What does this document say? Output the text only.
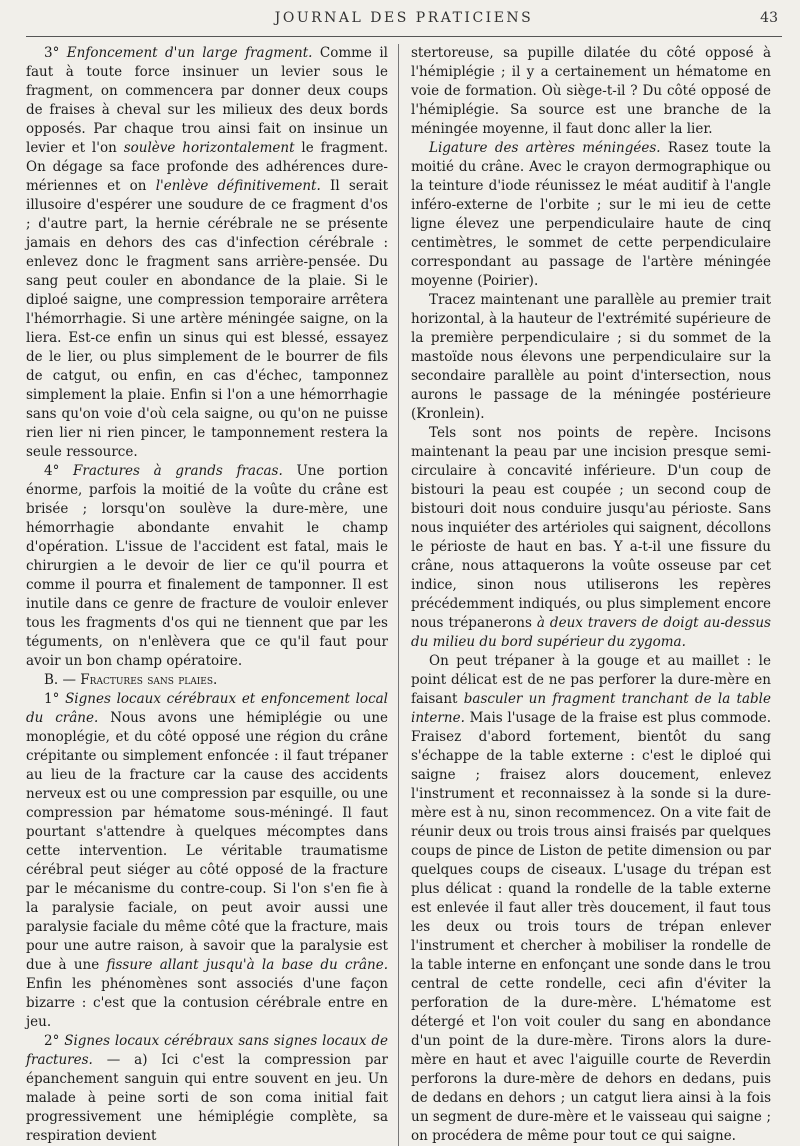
JOURNAL DES PRATICIENS	43

3° Enfoncement d'un large fragment. Comme il faut à toute force insinuer un levier sous le fragment, on commencera par donner deux coups de fraises à cheval sur les milieux des deux bords opposés. Par chaque trou ainsi fait on insinue un levier et l'on soulève horizontalement le fragment. On dégage sa face profonde des adhérences dure-mériennes et on l'enlève définitivement. Il serait illusoire d'espérer une soudure de ce fragment d'os ; d'autre part, la hernie cérébrale ne se présente jamais en dehors des cas d'infection cérébrale : enlevez donc le fragment sans arrière-pensée. Du sang peut couler en abondance de la plaie. Si le diploé saigne, une compression temporaire arrêtera l'hémorrhagie. Si une artère méningée saigne, on la liera. Est-ce enfin un sinus qui est blessé, essayez de le lier, ou plus simplement de le bourrer de fils de catgut, ou enfin, en cas d'échec, tamponnez simplement la plaie. Enfin si l'on a une hémorrhagie sans qu'on voie d'où cela saigne, ou qu'on ne puisse rien lier ni rien pincer, le tamponnement restera la seule ressource.

4° Fractures à grands fracas. Une portion énorme, parfois la moitié de la voûte du crâne est brisée ; lorsqu'on soulève la dure-mère, une hémorrhagie abondante envahit le champ d'opération. L'issue de l'accident est fatal, mais le chirurgien a le devoir de lier ce qu'il pourra et comme il pourra et finalement de tamponner. Il est inutile dans ce genre de fracture de vouloir enlever tous les fragments d'os qui ne tiennent que par les téguments, on n'enlèvera que ce qu'il faut pour avoir un bon champ opératoire.

B. — Fractures sans plaies.

1° Signes locaux cérébraux et enfoncement local du crâne. Nous avons une hémiplégie ou une monoplégie, et du côté opposé une région du crâne crépitante ou simplement enfoncée : il faut trépaner au lieu de la fracture car la cause des accidents nerveux est ou une compression par esquille, ou une compression par hématome sous-méningé. Il faut pourtant s'attendre à quelques mécomptes dans cette intervention. Le véritable traumatisme cérébral peut siéger au côté opposé de la fracture par le mécanisme du contre-coup. Si l'on s'en fie à la paralysie faciale, on peut avoir aussi une paralysie faciale du même côté que la fracture, mais pour une autre raison, à savoir que la paralysie est due à une fissure allant jusqu'à la base du crâne. Enfin les phénomènes sont associés d'une façon bizarre : c'est que la contusion cérébrale entre en jeu.

2° Signes locaux cérébraux sans signes locaux de fractures. — a) Ici c'est la compression par épanchement sanguin qui entre souvent en jeu. Un malade à peine sorti de son coma initial fait progressivement une hémiplégie complète, sa respiration devient

stertoreuse, sa pupille dilatée du côté opposé à l'hémiplégie ; il y a certainement un hématome en voie de formation. Où siège-t-il ? Du côté opposé de l'hémiplégie. Sa source est une branche de la méningée moyenne, il faut donc aller la lier.

Ligature des artères méningées. Rasez toute la moitié du crâne. Avec le crayon dermographique ou la teinture d'iode réunissez le méat auditif à l'angle inféro-externe de l'orbite ; sur le mi ieu de cette ligne élevez une perpendiculaire haute de cinq centimètres, le sommet de cette perpendiculaire correspondant au passage de l'artère méningée moyenne (Poirier).

Tracez maintenant une parallèle au premier trait horizontal, à la hauteur de l'extrémité supérieure de la première perpendiculaire ; si du sommet de la mastoïde nous élevons une perpendiculaire sur la secondaire parallèle au point d'intersection, nous aurons le passage de la méningée postérieure (Kronlein).

Tels sont nos points de repère. Incisons maintenant la peau par une incision presque semi-circulaire à concavité inférieure. D'un coup de bistouri la peau est coupée ; un second coup de bistouri doit nous conduire jusqu'au périoste. Sans nous inquiéter des artérioles qui saignent, décollons le périoste de haut en bas. Y a-t-il une fissure du crâne, nous attaquerons la voûte osseuse par cet indice, sinon nous utiliserons les repères précédemment indiqués, ou plus simplement encore nous trépanerons à deux travers de doigt au-dessus du milieu du bord supérieur du zygoma.

On peut trépaner à la gouge et au maillet : le point délicat est de ne pas perforer la dure-mère en faisant basculer un fragment tranchant de la table interne. Mais l'usage de la fraise est plus commode. Fraisez d'abord fortement, bientôt du sang s'échappe de la table externe : c'est le diploé qui saigne ; fraisez alors doucement, enlevez l'instrument et reconnaissez à la sonde si la dure-mère est à nu, sinon recommencez. On a vite fait de réunir deux ou trois trous ainsi fraisés par quelques coups de pince de Liston de petite dimension ou par quelques coups de ciseaux. L'usage du trépan est plus délicat : quand la rondelle de la table externe est enlevée il faut aller très doucement, il faut tous les deux ou trois tours de trépan enlever l'instrument et chercher à mobiliser la rondelle de la table interne en enfonçant une sonde dans le trou central de cette rondelle, ceci afin d'éviter la perforation de la dure-mère. L'hématome est détergé et l'on voit couler du sang en abondance d'un point de la dure-mère. Tirons alors la dure-mère en haut et avec l'aiguille courte de Reverdin perforons la dure-mère de dehors en dedans, puis de dedans en dehors ; un catgut liera ainsi à la fois un segment de dure-mère et le vaisseau qui saigne ; on procédera de même pour tout ce qui saigne.
